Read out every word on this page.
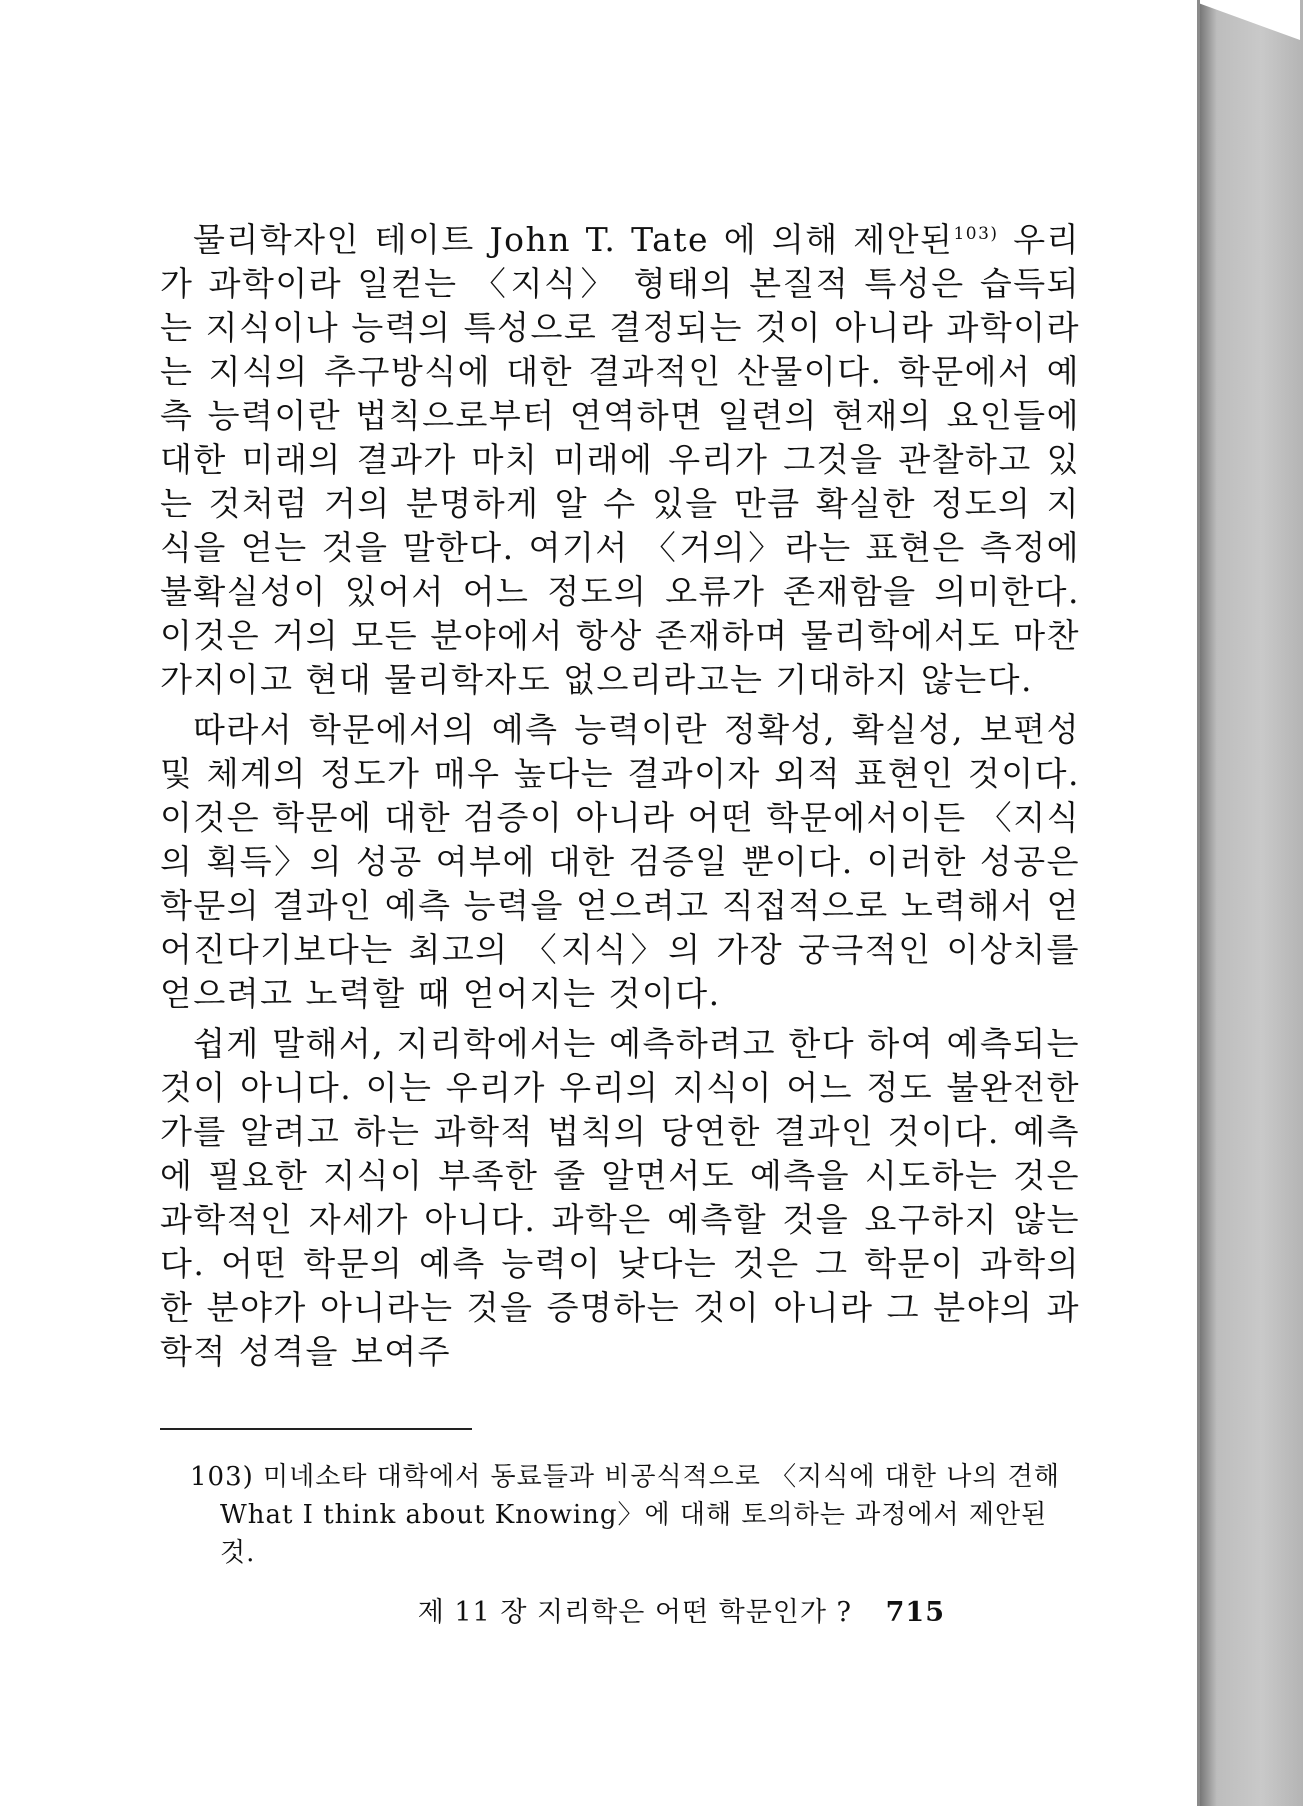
물리학자인 테이트 John T. Tate 에 의해 제안된$^{103)}$ 우리가 과학이라 일컫는 〈지식〉 형태의 본질적 특성은 습득되는 지식이나 능력의 특성으로 결정되는 것이 아니라 과학이라는 지식의 추구방식에 대한 결과적인 산물이다. 학문에서 예측 능력이란 법칙으로부터 연역하면 일련의 현재의 요인들에 대한 미래의 결과가 마치 미래에 우리가 그것을 관찰하고 있는 것처럼 거의 분명하게 알 수 있을 만큼 확실한 정도의 지식을 얻는 것을 말한다. 여기서 〈거의〉라는 표현은 측정에 불확실성이 있어서 어느 정도의 오류가 존재함을 의미한다. 이것은 거의 모든 분야에서 항상 존재하며 물리학에서도 마찬가지이고 현대 물리학자도 없으리라고는 기대하지 않는다.

따라서 학문에서의 예측 능력이란 정확성, 확실성, 보편성 및 체계의 정도가 매우 높다는 결과이자 외적 표현인 것이다. 이것은 학문에 대한 검증이 아니라 어떤 학문에서이든 〈지식의 획득〉의 성공 여부에 대한 검증일 뿐이다. 이러한 성공은 학문의 결과인 예측 능력을 얻으려고 직접적으로 노력해서 얻어진다기보다는 최고의 〈지식〉의 가장 궁극적인 이상치를 얻으려고 노력할 때 얻어지는 것이다.

쉽게 말해서, 지리학에서는 예측하려고 한다 하여 예측되는 것이 아니다. 이는 우리가 우리의 지식이 어느 정도 불완전한가를 알려고 하는 과학적 법칙의 당연한 결과인 것이다. 예측에 필요한 지식이 부족한 줄 알면서도 예측을 시도하는 것은 과학적인 자세가 아니다. 과학은 예측할 것을 요구하지 않는다. 어떤 학문의 예측 능력이 낮다는 것은 그 학문이 과학의 한 분야가 아니라는 것을 증명하는 것이 아니라 그 분야의 과학적 성격을 보여주

103) 미네소타 대학에서 동료들과 비공식적으로 〈지식에 대한 나의 견해
What I think about Knowing〉에 대해 토의하는 과정에서 제안된 것.
제 11 장 지리학은 어떤 학문인가 ? 715
